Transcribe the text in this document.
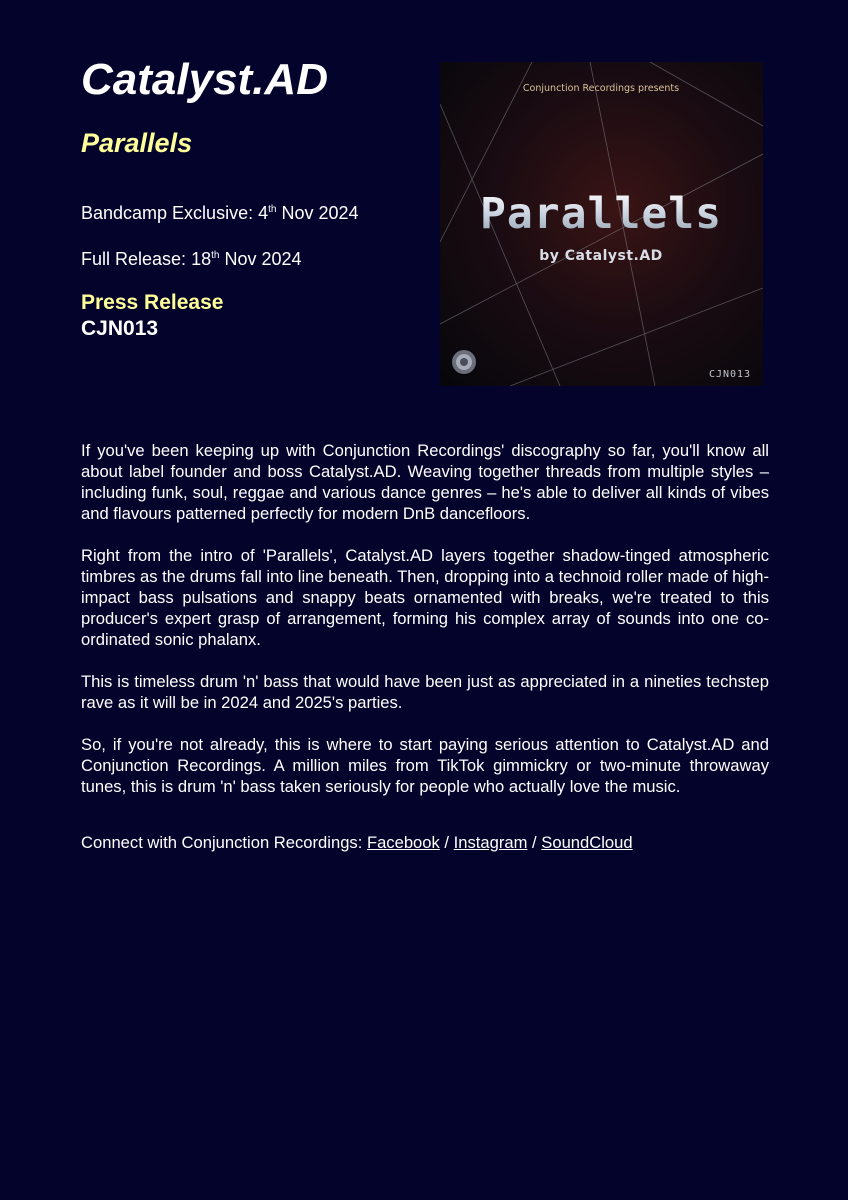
Catalyst.AD
Parallels
Bandcamp Exclusive: 4th Nov 2024
Full Release: 18th Nov 2024
Press Release
CJN013
Conjunction Recordings presents
Parallels
by Catalyst.AD
CJN013

If you've been keeping up with Conjunction Recordings' discography so far, you'll know all about label founder and boss Catalyst.AD. Weaving together threads from multiple styles – including funk, soul, reggae and various dance genres – he's able to deliver all kinds of vibes and flavours patterned perfectly for modern DnB dancefloors.

Right from the intro of 'Parallels', Catalyst.AD layers together shadow-tinged atmospheric timbres as the drums fall into line beneath. Then, dropping into a technoid roller made of high-impact bass pulsations and snappy beats ornamented with breaks, we're treated to this producer's expert grasp of arrangement, forming his complex array of sounds into one co-ordinated sonic phalanx.

This is timeless drum 'n' bass that would have been just as appreciated in a nineties techstep rave as it will be in 2024 and 2025's parties.

So, if you're not already, this is where to start paying serious attention to Catalyst.AD and Conjunction Recordings. A million miles from TikTok gimmickry or two-minute throwaway tunes, this is drum 'n' bass taken seriously for people who actually love the music.

Connect with Conjunction Recordings: Facebook / Instagram / SoundCloud
